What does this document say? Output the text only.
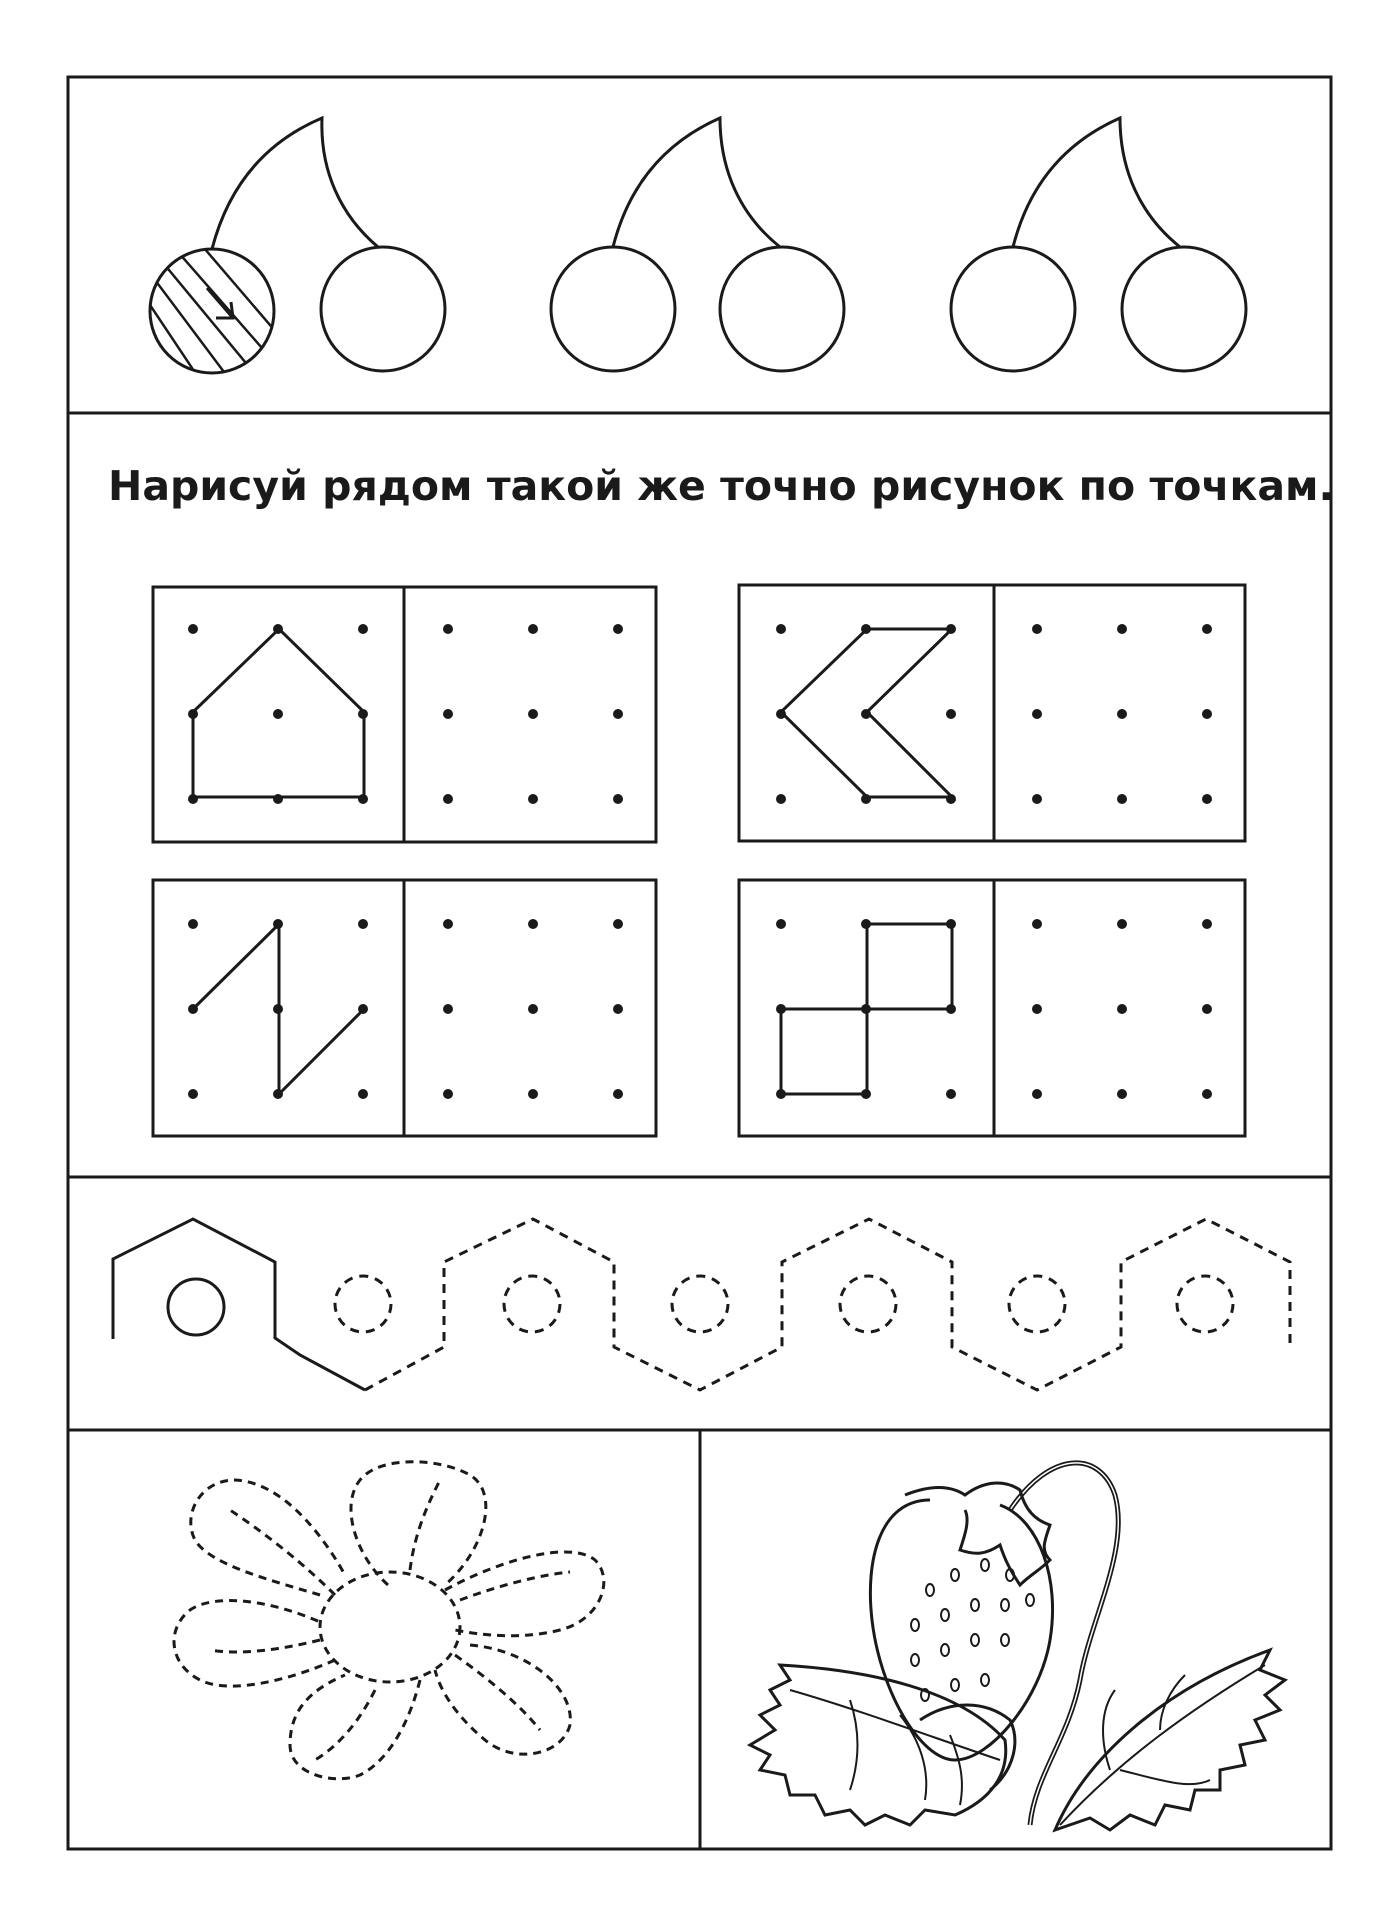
Нарисуй рядом такой же точно рисунок по точкам.
